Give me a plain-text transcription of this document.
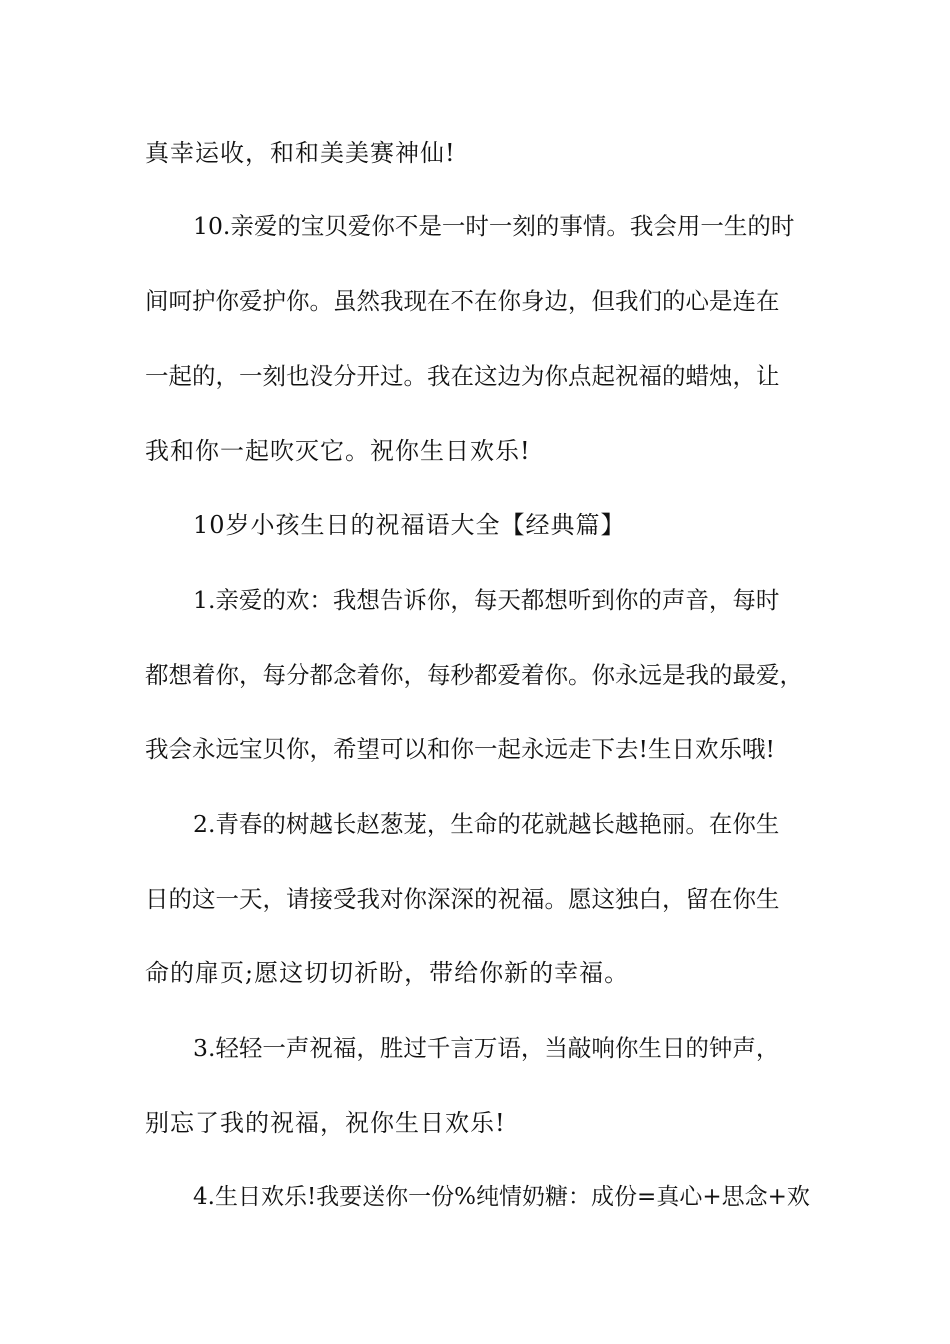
真幸运收，和和美美赛神仙!
10.亲爱的宝贝爱你不是一时一刻的事情。我会用一生的时
间呵护你爱护你。虽然我现在不在你身边，但我们的心是连在
一起的，一刻也没分开过。我在这边为你点起祝福的蜡烛，让
我和你一起吹灭它。祝你生日欢乐!
10岁小孩生日的祝福语大全【经典篇】
1.亲爱的欢：我想告诉你，每天都想听到你的声音，每时
都想着你，每分都念着你，每秒都爱着你。你永远是我的最爱，
我会永远宝贝你，希望可以和你一起永远走下去!生日欢乐哦!
2.青春的树越长赵葱茏，生命的花就越长越艳丽。在你生
日的这一天，请接受我对你深深的祝福。愿这独白，留在你生
命的扉页;愿这切切祈盼，带给你新的幸福。
3.轻轻一声祝福，胜过千言万语，当敲响你生日的钟声，
别忘了我的祝福，祝你生日欢乐!
4.生日欢乐!我要送你一份%纯情奶糖：成份=真心+思念+欢
